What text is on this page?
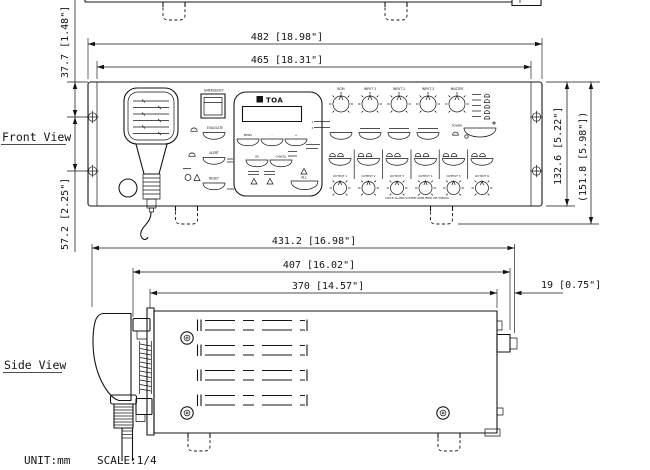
EMERGENCY
EVACUATE
ALERT
RESET
TOA
MENU	-	+
OK	CANCEL
ALL
BGM	INPUT 1	INPUT 2	INPUT 3	MASTER
1
2
POWER
OUTPUT 1	OUTPUT 2	OUTPUT 3	OUTPUT 4	OUTPUT 5	OUTPUT 6
VOICE ALARM SYSTEM AMPLIFIER VM-3360VA
482 [18.98"]
465 [18.31"]
37.7 [1.48"]
57.2 [2.25"]
132.6 [5.22"] (151.8 [5.98"])
431.2 [16.98"]
407 [16.02"]
370 [14.57"]	19 [0.75"]
Front View
Side View
UNIT:mm SCALE:1/4
